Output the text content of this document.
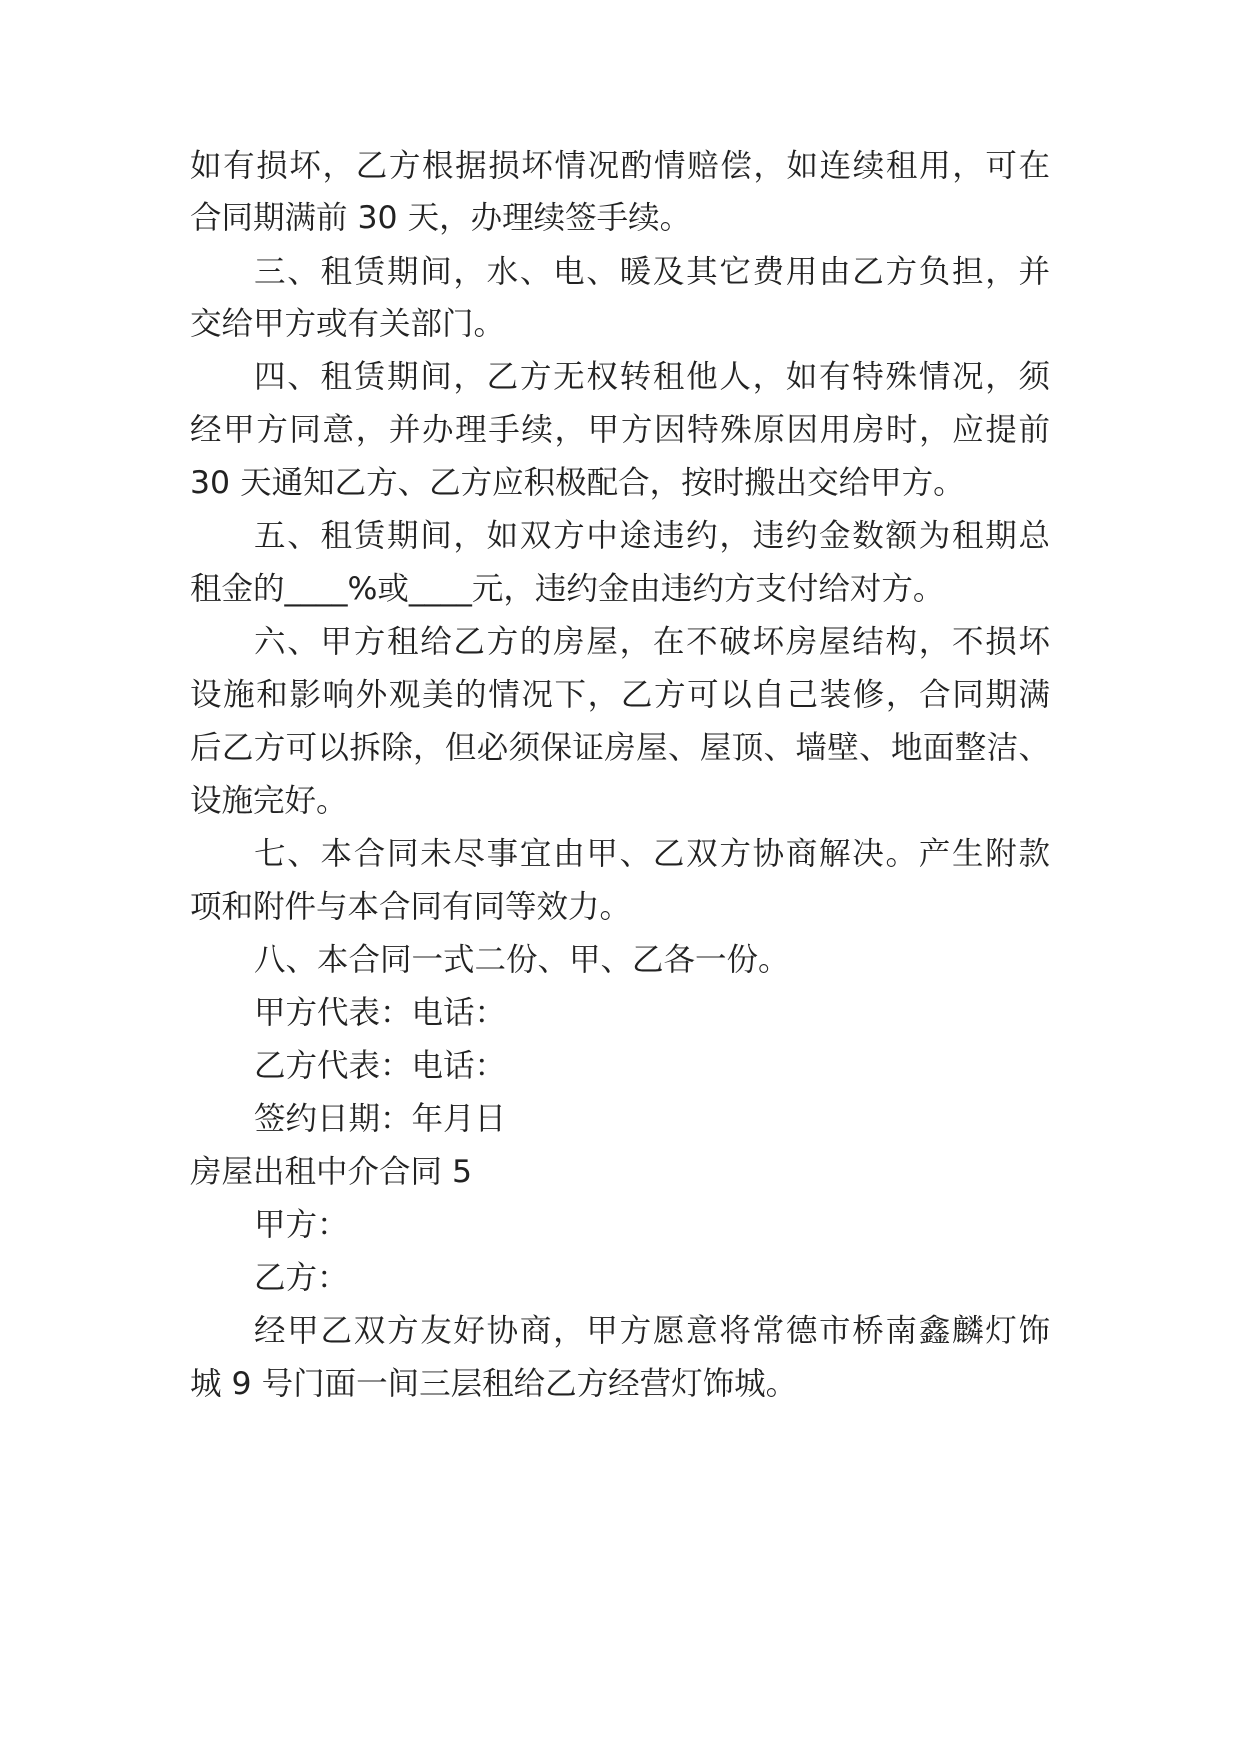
如有损坏，乙方根据损坏情况酌情赔偿，如连续租用，可在
合同期满前 30 天，办理续签手续。
三、租赁期间，水、电、暖及其它费用由乙方负担，并
交给甲方或有关部门。
四、租赁期间，乙方无权转租他人，如有特殊情况，须
经甲方同意，并办理手续，甲方因特殊原因用房时，应提前
30 天通知乙方、乙方应积极配合，按时搬出交给甲方。
五、租赁期间，如双方中途违约，违约金数额为租期总
租金的____%或____元，违约金由违约方支付给对方。
六、甲方租给乙方的房屋，在不破坏房屋结构，不损坏
设施和影响外观美的情况下，乙方可以自己装修，合同期满
后乙方可以拆除，但必须保证房屋、屋顶、墙壁、地面整洁、
设施完好。
七、本合同未尽事宜由甲、乙双方协商解决。产生附款
项和附件与本合同有同等效力。
八、本合同一式二份、甲、乙各一份。
甲方代表：电话：
乙方代表：电话：
签约日期：年月日
房屋出租中介合同 5
甲方：
乙方：
经甲乙双方友好协商，甲方愿意将常德市桥南鑫麟灯饰
城 9 号门面一间三层租给乙方经营灯饰城。
